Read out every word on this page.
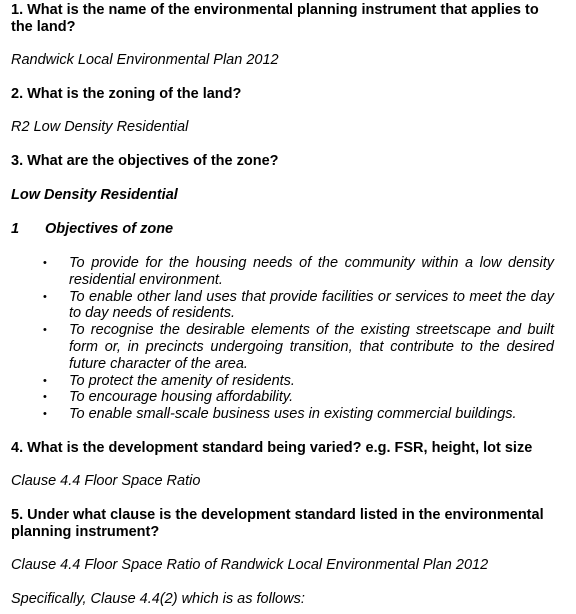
1. What is the name of the environmental planning instrument that applies to the land?

Randwick Local Environmental Plan 2012

2. What is the zoning of the land?

R2 Low Density Residential

3. What are the objectives of the zone?

Low Density Residential

1	Objectives of zone
•	To provide for the housing needs of the community within a low density residential environment.
•	To enable other land uses that provide facilities or services to meet the day to day needs of residents.
•	To recognise the desirable elements of the existing streetscape and built form or, in precincts undergoing transition, that contribute to the desired future character of the area.
•	To protect the amenity of residents.
•	To encourage housing affordability.
•	To enable small-scale business uses in existing commercial buildings.

4. What is the development standard being varied? e.g. FSR, height, lot size

Clause 4.4 Floor Space Ratio

5. Under what clause is the development standard listed in the environmental planning instrument?

Clause 4.4 Floor Space Ratio of Randwick Local Environmental Plan 2012

Specifically, Clause 4.4(2) which is as follows:
